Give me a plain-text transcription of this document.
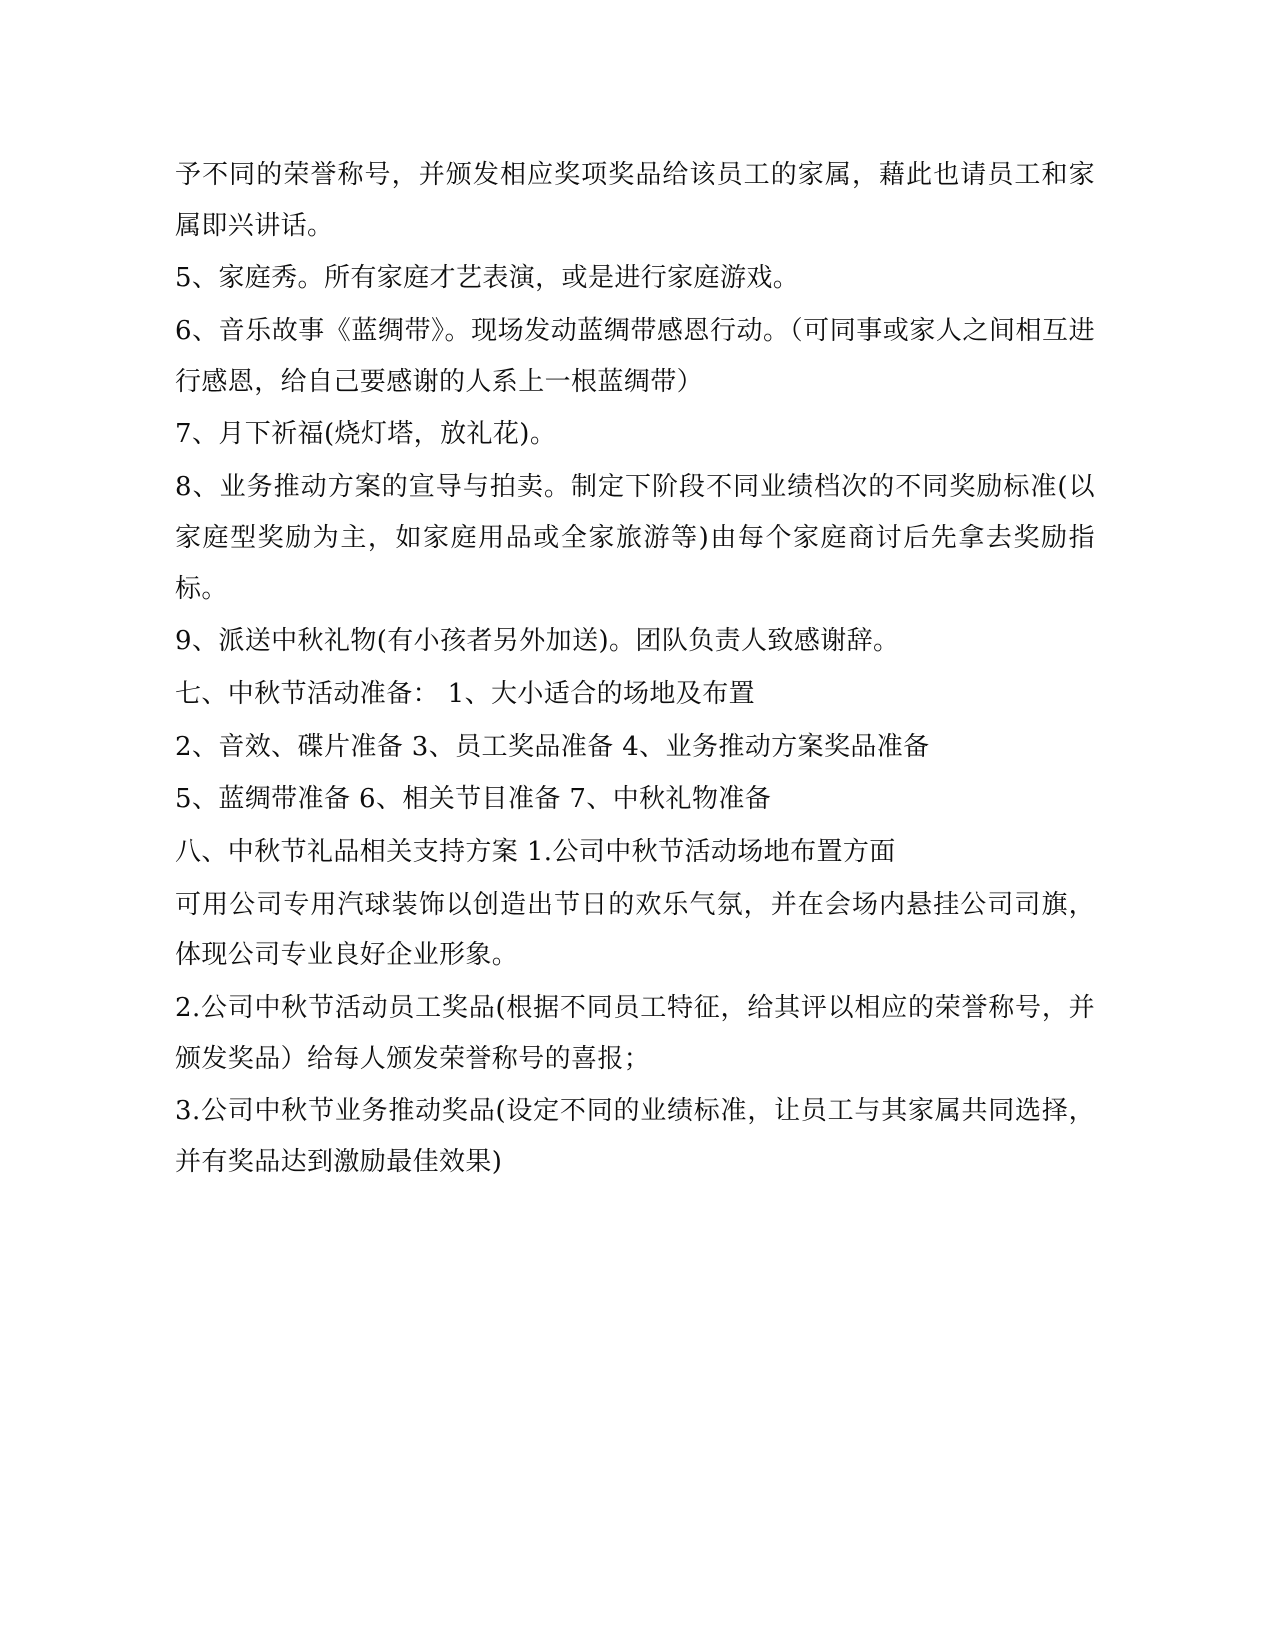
予不同的荣誉称号，并颁发相应奖项奖品给该员工的家属，藉此也请员工和家属即兴讲话。

5、家庭秀。所有家庭才艺表演，或是进行家庭游戏。

6、音乐故事《蓝绸带》。现场发动蓝绸带感恩行动。（可同事或家人之间相互进行感恩，给自己要感谢的人系上一根蓝绸带）

7、月下祈福(烧灯塔，放礼花)。

8、业务推动方案的宣导与拍卖。制定下阶段不同业绩档次的不同奖励标准(以家庭型奖励为主，如家庭用品或全家旅游等)由每个家庭商讨后先拿去奖励指标。

9、派送中秋礼物(有小孩者另外加送)。团队负责人致感谢辞。

七、中秋节活动准备： 1、大小适合的场地及布置

2、音效、碟片准备 3、员工奖品准备 4、业务推动方案奖品准备

5、蓝绸带准备 6、相关节目准备 7、中秋礼物准备

八、中秋节礼品相关支持方案 1.公司中秋节活动场地布置方面

可用公司专用汽球装饰以创造出节日的欢乐气氛，并在会场内悬挂公司司旗，体现公司专业良好企业形象。

2.公司中秋节活动员工奖品(根据不同员工特征，给其评以相应的荣誉称号，并颁发奖品）给每人颁发荣誉称号的喜报；

3.公司中秋节业务推动奖品(设定不同的业绩标准，让员工与其家属共同选择，并有奖品达到激励最佳效果)
